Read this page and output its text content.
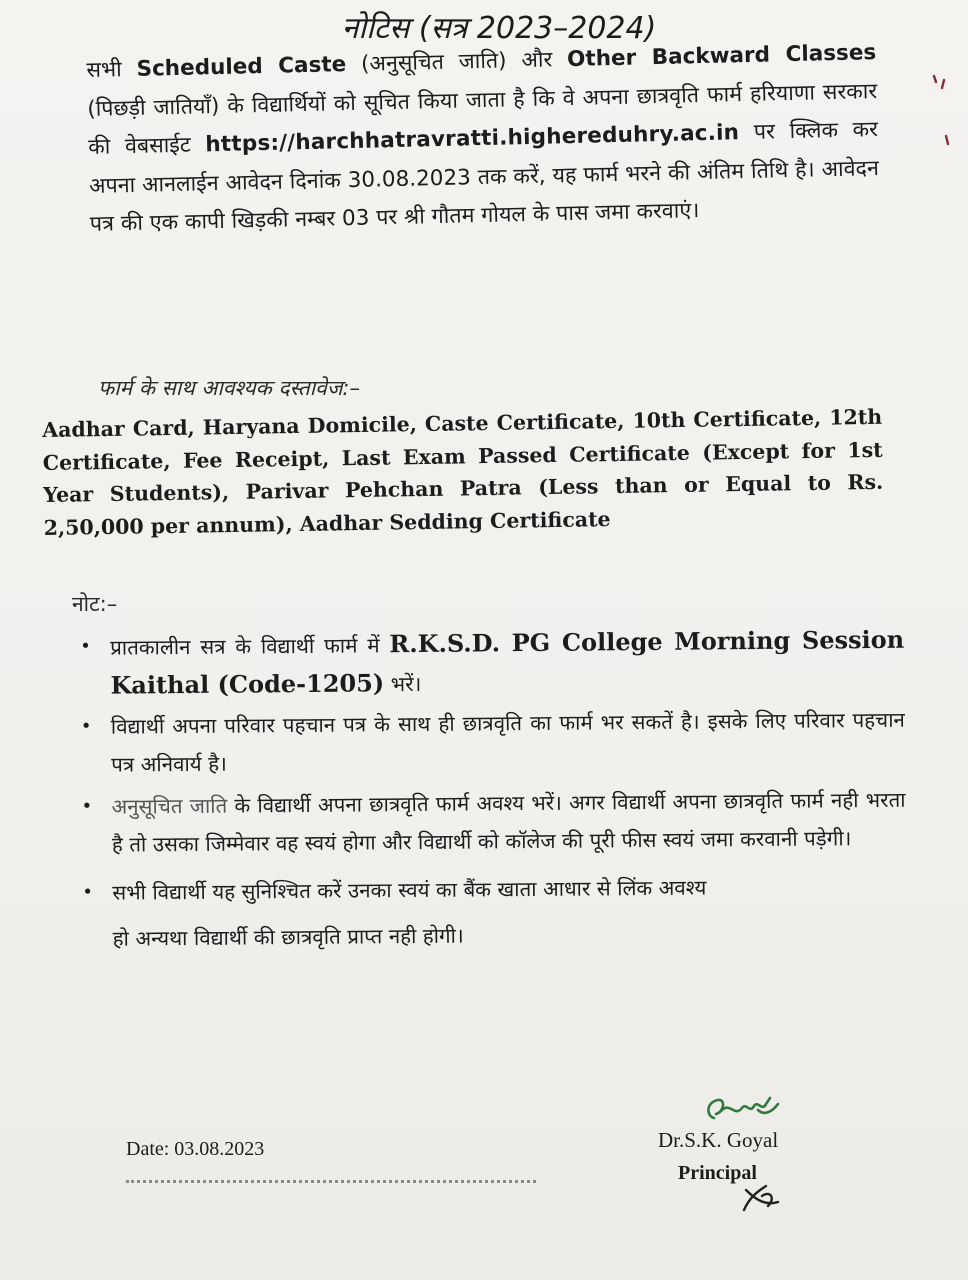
नोटिस (सत्र 2023–2024)
सभी Scheduled Caste (अनुसूचित जाति) और Other Backward Classes (पिछड़ी जातियाँ) के विद्यार्थियों को सूचित किया जाता है कि वे अपना छात्रवृति फार्म हरियाणा सरकार की वेबसाईट https://harchhatravratti.highereduhry.ac.in पर क्लिक कर अपना आनलाईन आवेदन दिनांक 30.08.2023 तक करें, यह फार्म भरने की अंतिम तिथि है। आवेदन पत्र की एक कापी खिड़की नम्बर 03 पर श्री गौतम गोयल के पास जमा करवाएं।
फार्म के साथ आवश्यक दस्तावेज:–
Aadhar Card, Haryana Domicile, Caste Certificate, 10th Certificate, 12th Certificate, Fee Receipt, Last Exam Passed Certificate (Except for 1st Year Students), Parivar Pehchan Patra (Less than or Equal to Rs. 2,50,000 per annum), Aadhar Sedding Certificate
नोट:–
• प्रातकालीन सत्र के विद्यार्थी फार्म में R.K.S.D. PG College Morning Session Kaithal (Code-1205) भरें।
• विद्यार्थी अपना परिवार पहचान पत्र के साथ ही छात्रवृति का फार्म भर सकतें है। इसके लिए परिवार पहचान पत्र अनिवार्य है।
• अनुसूचित जाति के विद्यार्थी अपना छात्रवृति फार्म अवश्य भरें। अगर विद्यार्थी अपना छात्रवृति फार्म नही भरता है तो उसका जिम्मेवार वह स्वयं होगा और विद्यार्थी को कॉलेज की पूरी फीस स्वयं जमा करवानी पड़ेगी।
• सभी विद्यार्थी यह सुनिश्चित करें उनका स्वयं का बैंक खाता आधार से लिंक अवश्य
हो अन्यथा विद्यार्थी की छात्रवृति प्राप्त नही होगी।
Date: 03.08.2023	Dr.S.K. Goyal
Principal
